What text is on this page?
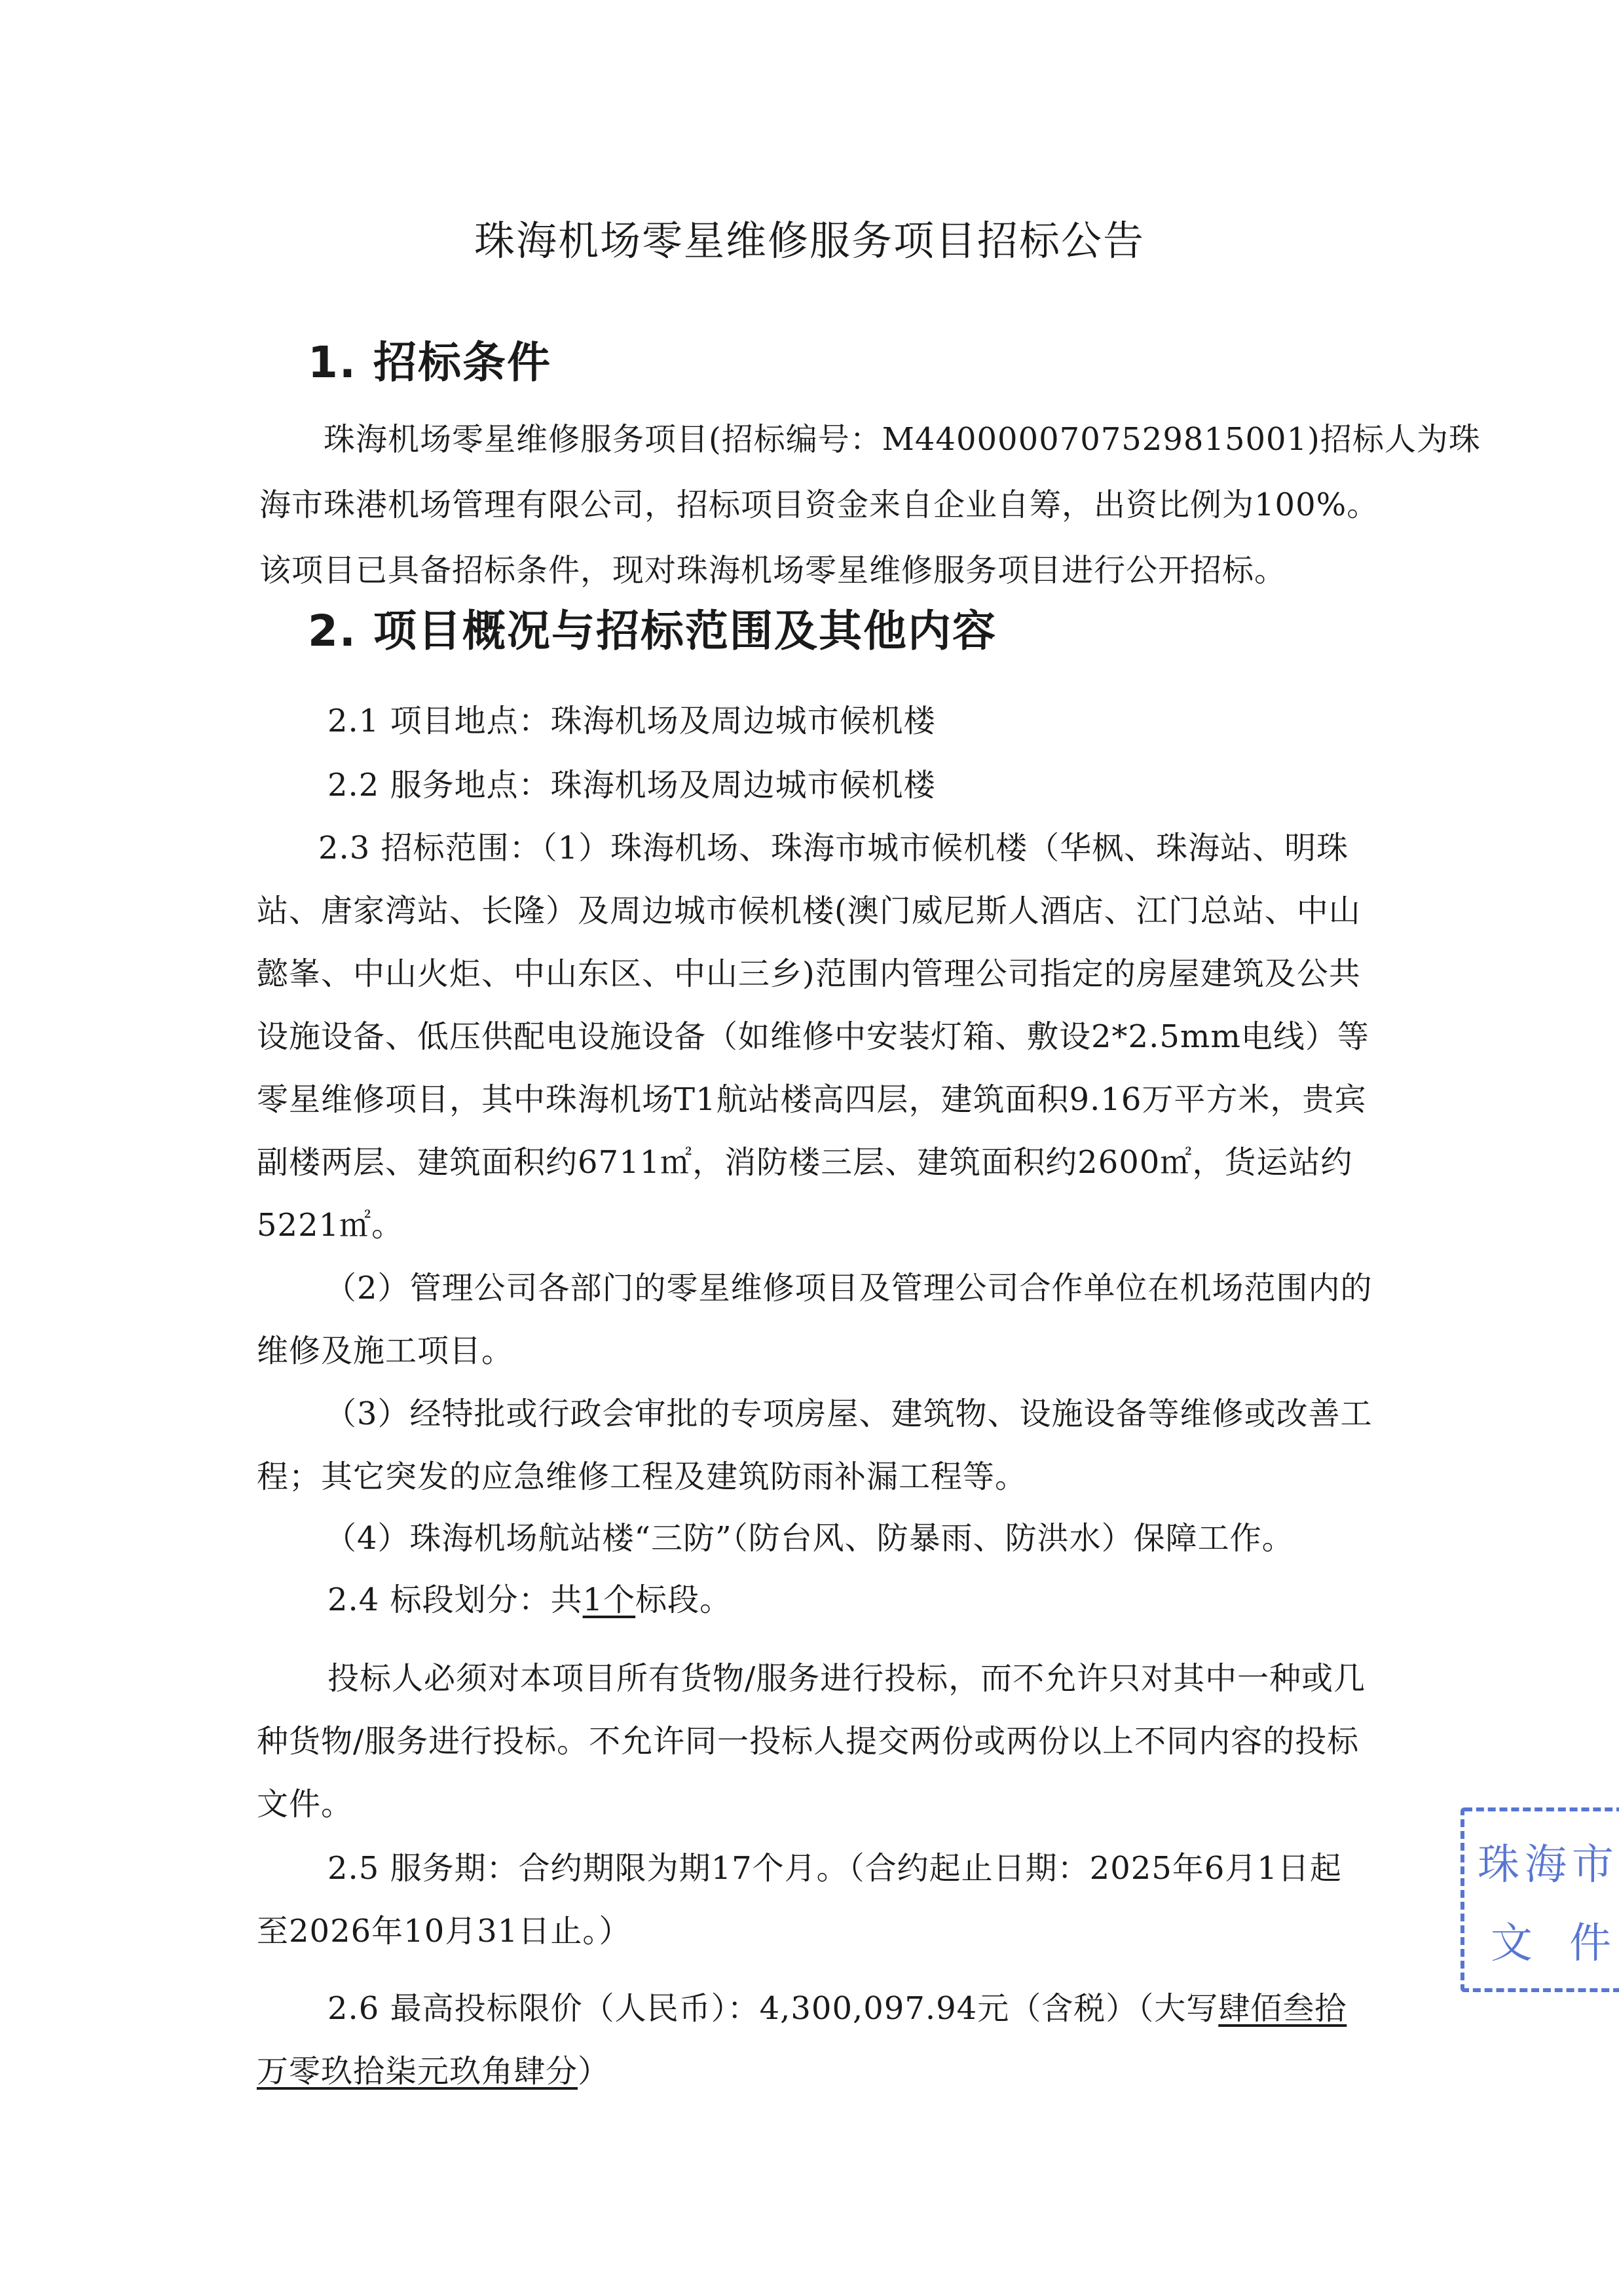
珠海机场零星维修服务项目招标公告
1. 招标条件
珠海机场零星维修服务项目(招标编号：M4400000707529815001)招标人为珠
海市珠港机场管理有限公司，招标项目资金来自企业自筹，出资比例为100%。
该项目已具备招标条件，现对珠海机场零星维修服务项目进行公开招标。
2. 项目概况与招标范围及其他内容
2.1 项目地点：珠海机场及周边城市候机楼
2.2 服务地点：珠海机场及周边城市候机楼
2.3 招标范围：（1）珠海机场、珠海市城市候机楼（华枫、珠海站、明珠
站、唐家湾站、长隆）及周边城市候机楼(澳门威尼斯人酒店、江门总站、中山
懿峯、中山火炬、中山东区、中山三乡)范围内管理公司指定的房屋建筑及公共
设施设备、低压供配电设施设备（如维修中安装灯箱、敷设2*2.5mm电线）等
零星维修项目，其中珠海机场T1航站楼高四层，建筑面积9.16万平方米，贵宾
副楼两层、建筑面积约6711㎡，消防楼三层、建筑面积约2600㎡，货运站约
5221㎡。
（2）管理公司各部门的零星维修项目及管理公司合作单位在机场范围内的
维修及施工项目。
（3）经特批或行政会审批的专项房屋、建筑物、设施设备等维修或改善工
程；其它突发的应急维修工程及建筑防雨补漏工程等。
（4）珠海机场航站楼“三防”（防台风、防暴雨、防洪水）保障工作。
2.4 标段划分：共1个标段。
投标人必须对本项目所有货物/服务进行投标，而不允许只对其中一种或几
种货物/服务进行投标。不允许同一投标人提交两份或两份以上不同内容的投标
文件。
2.5 服务期：合约期限为期17个月。（合约起止日期：2025年6月1日起
至2026年10月31日止。）
2.6 最高投标限价（人民币）：4,300,097.94元（含税）（大写肆佰叁拾
万零玖拾柒元玖角肆分）
珠 海 市
文 件
